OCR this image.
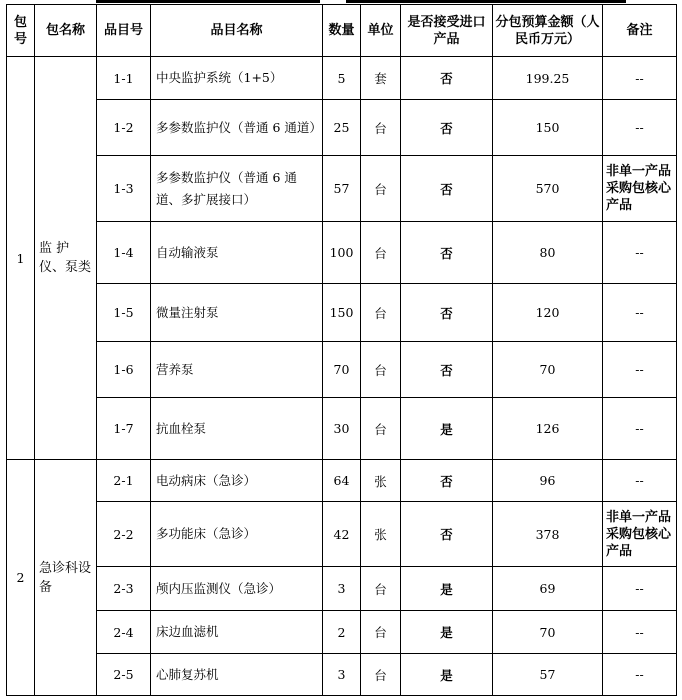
包号	包名称	品目号	品目名称	数量	单位	是否接受进口产品	分包预算金额（人民币万元）	备注
1	监 护仪、泵类	1-1	中央监护系统（1+5）	5	套	否	199.25	--
		1-2	多参数监护仪（普通 6 通道）	25	台	否	150	--
		1-3	多参数监护仪（普通 6 通道、多扩展接口）	57	台	否	570	非单一产品采购包核心产品
		1-4	自动输液泵	100	台	否	80	--
		1-5	微量注射泵	150	台	否	120	--
		1-6	营养泵	70	台	否	70	--
		1-7	抗血栓泵	30	台	是	126	--
2	急诊科设备	2-1	电动病床（急诊）	64	张	否	96	--
		2-2	多功能床（急诊）	42	张	否	378	非单一产品采购包核心产品
		2-3	颅内压监测仪（急诊）	3	台	是	69	--
		2-4	床边血滤机	2	台	是	70	--
		2-5	心肺复苏机	3	台	是	57	--
